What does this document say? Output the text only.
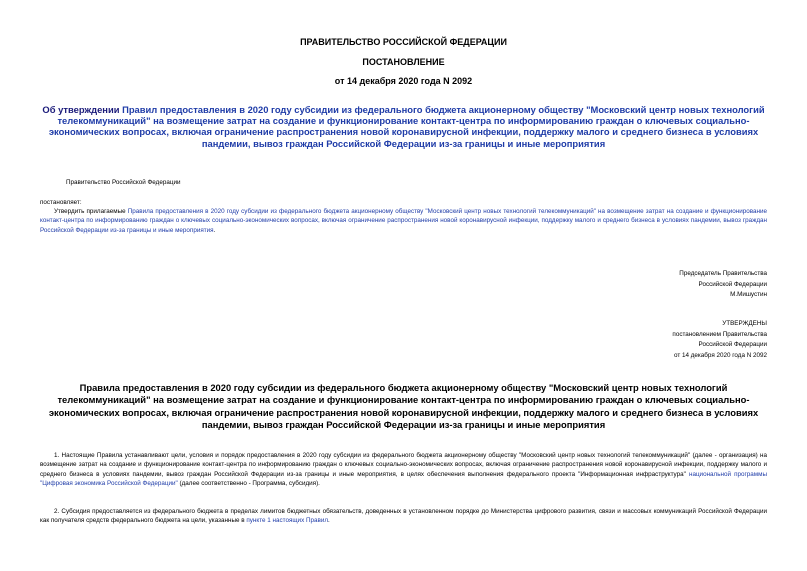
ПРАВИТЕЛЬСТВО РОССИЙСКОЙ ФЕДЕРАЦИИ
ПОСТАНОВЛЕНИЕ
от 14 декабря 2020 года N 2092
Об утверждении Правил предоставления в 2020 году субсидии из федерального бюджета акционерному обществу "Московский центр новых технологий телекоммуникаций" на возмещение затрат на создание и функционирование контакт-центра по информированию граждан о ключевых социально-экономических вопросах, включая ограничение распространения новой коронавирусной инфекции, поддержку малого и среднего бизнеса в условиях пандемии, вывоз граждан Российской Федерации из-за границы и иные мероприятия
Правительство Российской Федерации
постановляет:
Утвердить прилагаемые Правила предоставления в 2020 году субсидии из федерального бюджета акционерному обществу "Московский центр новых технологий телекоммуникаций" на возмещение затрат на создание и функционирование контакт-центра по информированию граждан о ключевых социально-экономических вопросах, включая ограничение распространения новой коронавирусной инфекции, поддержку малого и среднего бизнеса в условиях пандемии, вывоз граждан Российской Федерации из-за границы и иные мероприятия.
Председатель Правительства
Российской Федерации
М.Мишустин
УТВЕРЖДЕНЫ
постановлением Правительства
Российской Федерации
от 14 декабря 2020 года N 2092
Правила предоставления в 2020 году субсидии из федерального бюджета акционерному обществу "Московский центр новых технологий телекоммуникаций" на возмещение затрат на создание и функционирование контакт-центра по информированию граждан о ключевых социально-экономических вопросах, включая ограничение распространения новой коронавирусной инфекции, поддержку малого и среднего бизнеса в условиях пандемии, вывоз граждан Российской Федерации из-за границы и иные мероприятия
1. Настоящие Правила устанавливают цели, условия и порядок предоставления в 2020 году субсидии из федерального бюджета акционерному обществу "Московский центр новых технологий телекоммуникаций" (далее - организация) на возмещение затрат на создание и функционирование контакт-центра по информированию граждан о ключевых социально-экономических вопросах, включая ограничение распространения новой коронавирусной инфекции, поддержку малого и среднего бизнеса в условиях пандемии, вывоз граждан Российской Федерации из-за границы и иные мероприятия, в целях обеспечения выполнения федерального проекта "Информационная инфраструктура" национальной программы "Цифровая экономика Российской Федерации" (далее соответственно - Программа, субсидия).
2. Субсидия предоставляется из федерального бюджета в пределах лимитов бюджетных обязательств, доведенных в установленном порядке до Министерства цифрового развития, связи и массовых коммуникаций Российской Федерации как получателя средств федерального бюджета на цели, указанные в пункте 1 настоящих Правил.
